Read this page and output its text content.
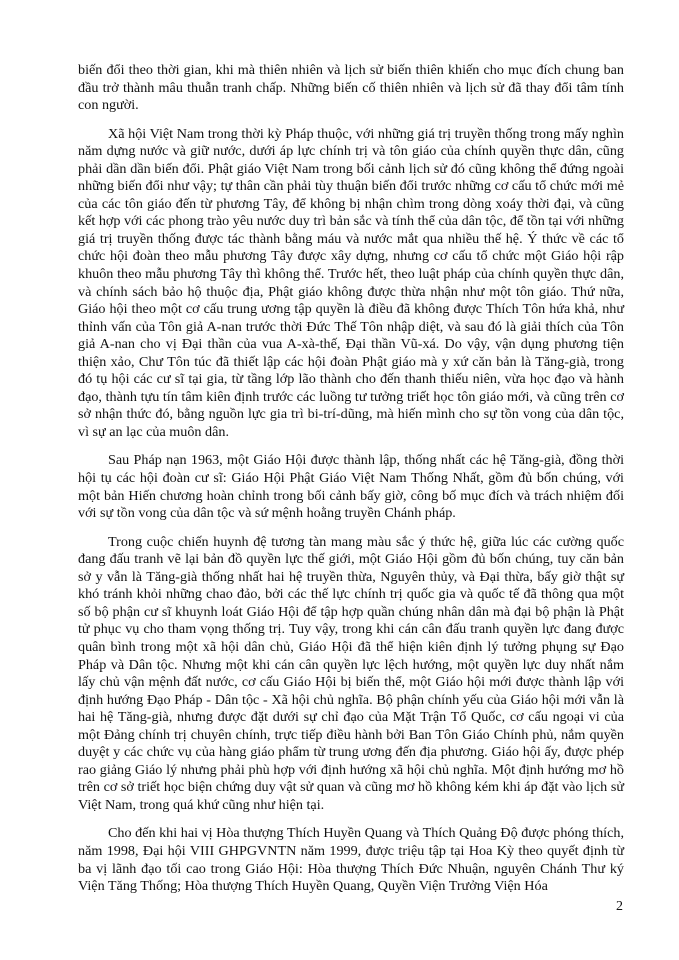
biến đổi theo thời gian, khi mà thiên nhiên và lịch sử biến thiên khiến cho mục đích chung ban đầu trở thành mâu thuẫn tranh chấp. Những biến cố thiên nhiên và lịch sử đã thay đổi tâm tính con người.

Xã hội Việt Nam trong thời kỳ Pháp thuộc, với những giá trị truyền thống trong mấy nghìn năm dựng nước và giữ nước, dưới áp lực chính trị và tôn giáo của chính quyền thực dân, cũng phải dần dần biến đổi. Phật giáo Việt Nam trong bối cảnh lịch sử đó cũng không thể đứng ngoài những biến đổi như vậy; tự thân cần phải tùy thuận biến đổi trước những cơ cấu tổ chức mới mẻ của các tôn giáo đến từ phương Tây, để không bị nhận chìm trong dòng xoáy thời đại, và cũng kết hợp với các phong trào yêu nước duy trì bản sắc và tính thể của dân tộc, để tồn tại với những giá trị truyền thống được tác thành bằng máu và nước mắt qua nhiều thế hệ. Ý thức về các tổ chức hội đoàn theo mẫu phương Tây được xây dựng, nhưng cơ cấu tổ chức một Giáo hội rập khuôn theo mẫu phương Tây thì không thể. Trước hết, theo luật pháp của chính quyền thực dân, và chính sách bảo hộ thuộc địa, Phật giáo không được thừa nhận như một tôn giáo. Thứ nữa, Giáo hội theo một cơ cấu trung ương tập quyền là điều đã không được Thích Tôn hứa khả, như thỉnh vấn của Tôn giả A-nan trước thời Đức Thế Tôn nhập diệt, và sau đó là giải thích của Tôn giả A-nan cho vị Đại thần của vua A-xà-thế, Đại thần Vũ-xá. Do vậy, vận dụng phương tiện thiện xảo, Chư Tôn túc đã thiết lập các hội đoàn Phật giáo mà y xứ căn bản là Tăng-già, trong đó tụ hội các cư sĩ tại gia, từ tầng lớp lão thành cho đến thanh thiếu niên, vừa học đạo và hành đạo, thành tựu tín tâm kiên định trước các luồng tư tưởng triết học tôn giáo mới, và cũng trên cơ sở nhận thức đó, bằng nguồn lực gia trì bi-trí-dũng, mà hiến mình cho sự tồn vong của dân tộc, vì sự an lạc của muôn dân.

Sau Pháp nạn 1963, một Giáo Hội được thành lập, thống nhất các hệ Tăng-già, đồng thời hội tụ các hội đoàn cư sĩ: Giáo Hội Phật Giáo Việt Nam Thống Nhất, gồm đủ bốn chúng, với một bản Hiến chương hoàn chỉnh trong bối cảnh bấy giờ, công bố mục đích và trách nhiệm đối với sự tồn vong của dân tộc và sứ mệnh hoằng truyền Chánh pháp.

Trong cuộc chiến huynh đệ tương tàn mang màu sắc ý thức hệ, giữa lúc các cường quốc đang đấu tranh vẽ lại bản đồ quyền lực thế giới, một Giáo Hội gồm đủ bốn chúng, tuy căn bản sở y vẫn là Tăng-già thống nhất hai hệ truyền thừa, Nguyên thủy, và Đại thừa, bấy giờ thật sự khó tránh khỏi những chao đảo, bởi các thế lực chính trị quốc gia và quốc tế đã thông qua một số bộ phận cư sĩ khuynh loát Giáo Hội để tập hợp quần chúng nhân dân mà đại bộ phận là Phật tử phục vụ cho tham vọng thống trị. Tuy vậy, trong khi cán cân đấu tranh quyền lực đang được quân bình trong một xã hội dân chủ, Giáo Hội đã thể hiện kiên định lý tưởng phụng sự Đạo Pháp và Dân tộc. Nhưng một khi cán cân quyền lực lệch hướng, một quyền lực duy nhất nắm lấy chủ vận mệnh đất nước, cơ cấu Giáo Hội bị biến thể, một Giáo hội mới được thành lập với định hướng Đạo Pháp - Dân tộc - Xã hội chủ nghĩa. Bộ phận chính yếu của Giáo hội mới vẫn là hai hệ Tăng-già, nhưng được đặt dưới sự chỉ đạo của Mặt Trận Tổ Quốc, cơ cấu ngoại vi của một Đảng chính trị chuyên chính, trực tiếp điều hành bởi Ban Tôn Giáo Chính phủ, nắm quyền duyệt y các chức vụ của hàng giáo phẩm từ trung ương đến địa phương. Giáo hội ấy, được phép rao giảng Giáo lý nhưng phải phù hợp với định hướng xã hội chủ nghĩa. Một định hướng mơ hồ trên cơ sở triết học biện chứng duy vật sử quan và cũng mơ hồ không kém khi áp đặt vào lịch sử Việt Nam, trong quá khứ cũng như hiện tại.

Cho đến khi hai vị Hòa thượng Thích Huyền Quang và Thích Quảng Độ được phóng thích, năm 1998, Đại hội VIII GHPGVNTN năm 1999, được triệu tập tại Hoa Kỳ theo quyết định từ ba vị lãnh đạo tối cao trong Giáo Hội: Hòa thượng Thích Đức Nhuận, nguyên Chánh Thư ký Viện Tăng Thống; Hòa thượng Thích Huyền Quang, Quyền Viện Trưởng Viện Hóa

2
